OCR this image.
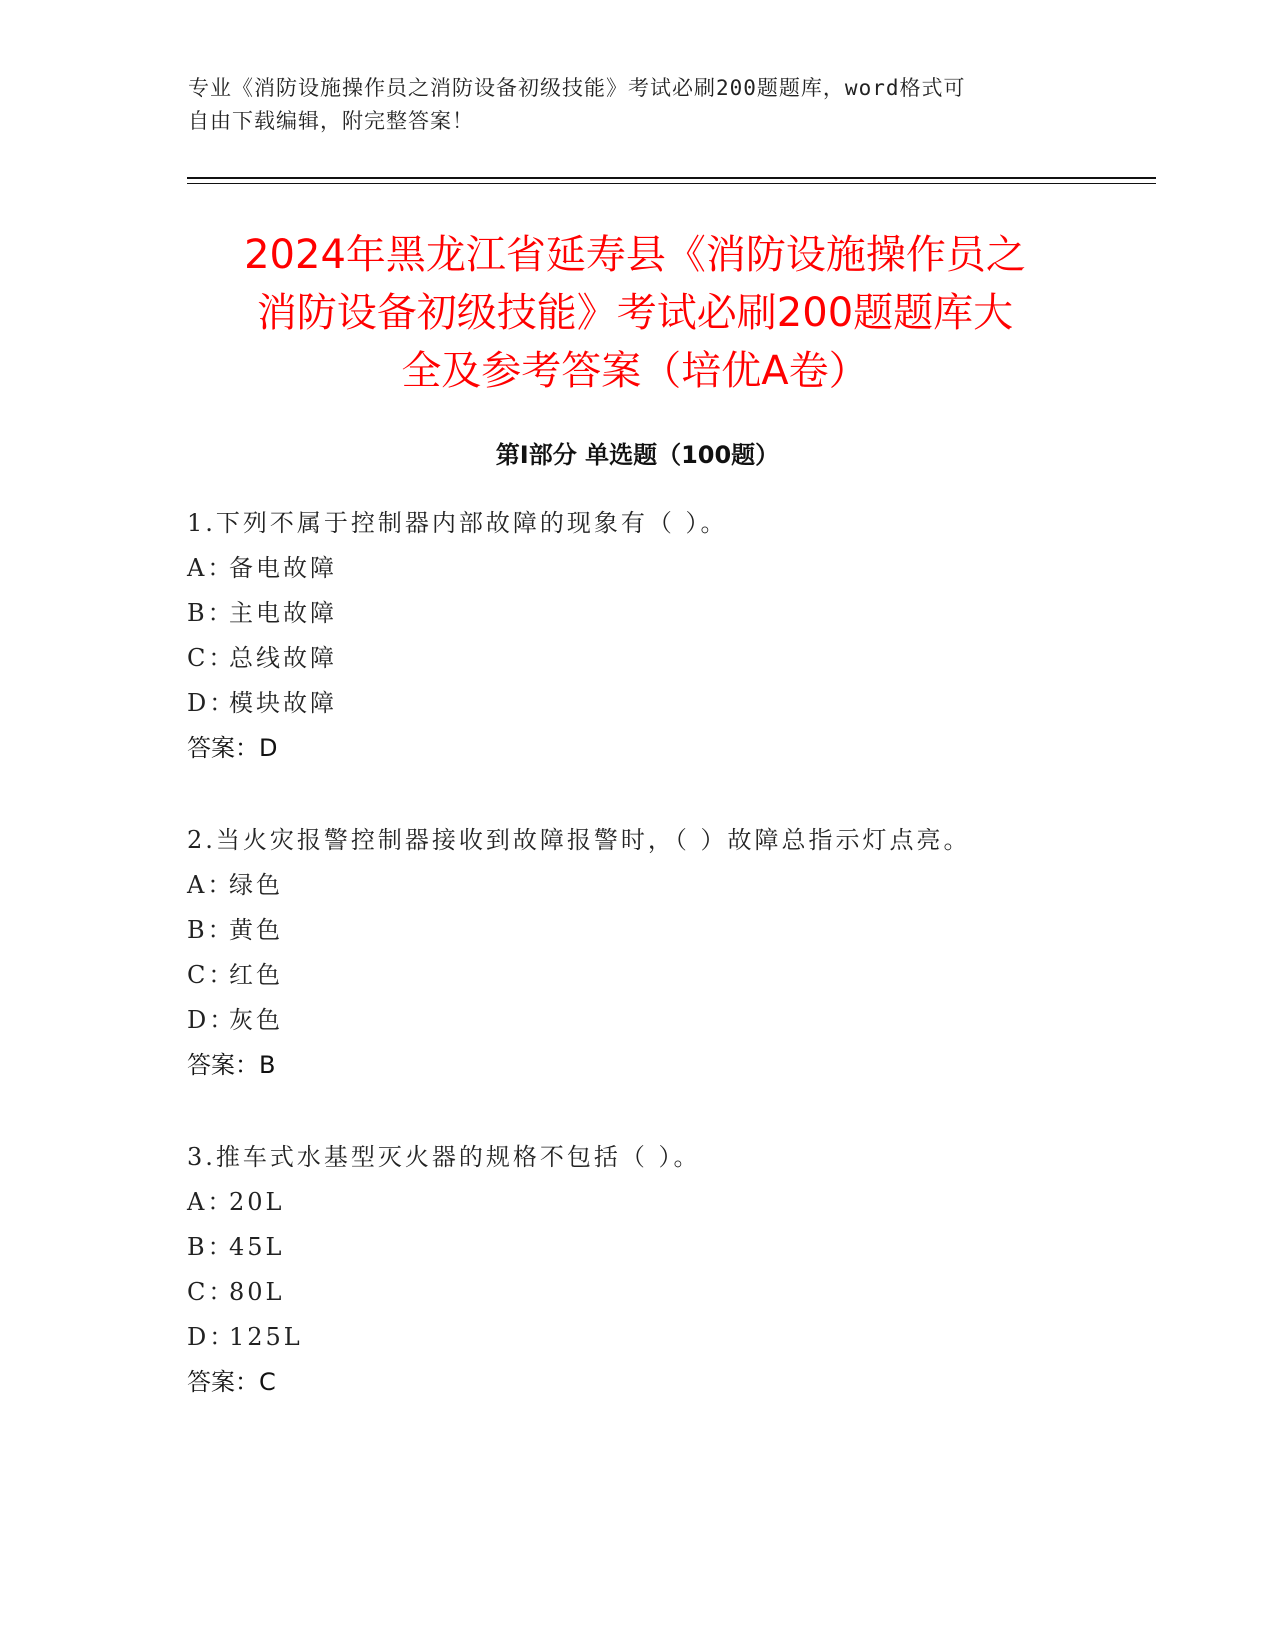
专业《消防设施操作员之消防设备初级技能》考试必刷200题题库，word格式可
自由下载编辑，附完整答案！
2024年黑龙江省延寿县《消防设施操作员之
消防设备初级技能》考试必刷200题题库大
全及参考答案（培优A卷）
第Ⅰ部分 单选题（100题）
1.下列不属于控制器内部故障的现象有（ ）。
A：备电故障
B：主电故障
C：总线故障
D：模块故障
答案：D
2.当火灾报警控制器接收到故障报警时，（ ）故障总指示灯点亮。
A：绿色
B：黄色
C：红色
D：灰色
答案：B
3.推车式水基型灭火器的规格不包括（ ）。
A：20L
B：45L
C：80L
D：125L
答案：C
